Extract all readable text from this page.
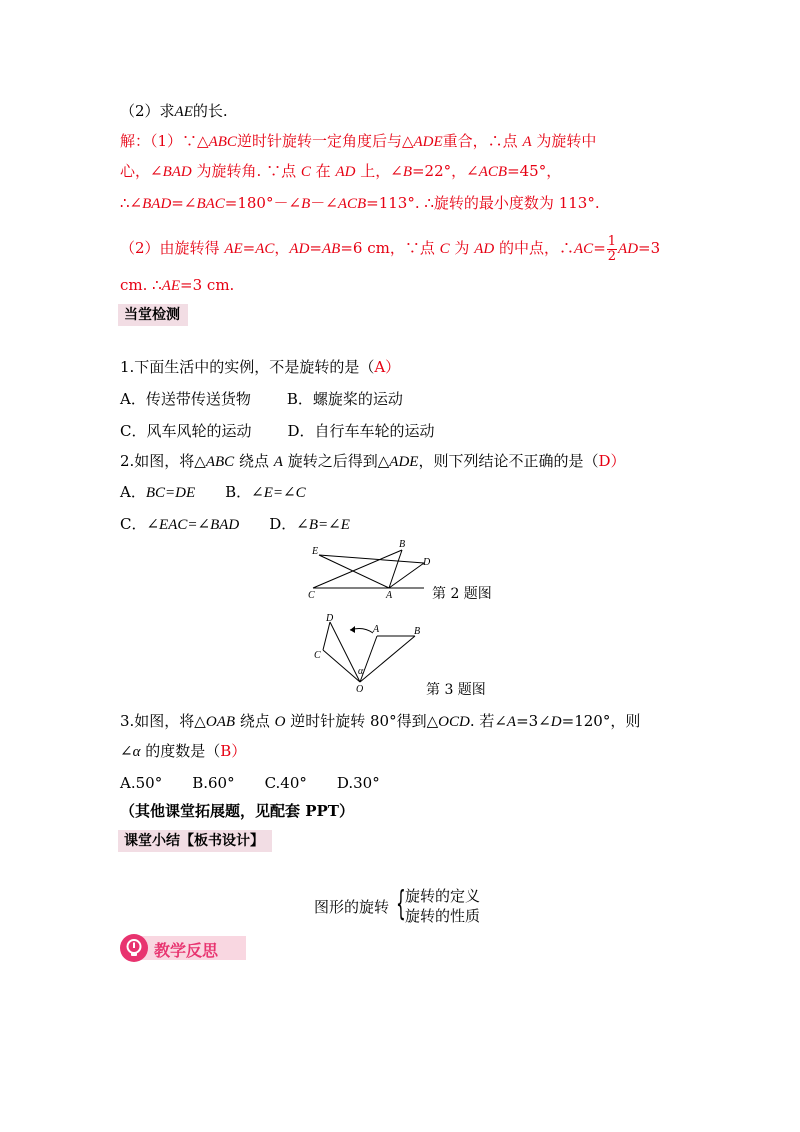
（2）求AE的长.
解：（1）∵△ABC逆时针旋转一定角度后与△ADE重合，∴点 A 为旋转中
心，∠BAD 为旋转角. ∵点 C 在 AD 上，∠B=22°，∠ACB=45°，
∴∠BAD=∠BAC=180°－∠B－∠ACB=113°. ∴旋转的最小度数为 113°.
（2）由旋转得 AE=AC，AD=AB=6 cm，∵点 C 为 AD 的中点，∴AC= $\frac{1}{2} AD=3$
cm. ∴AE=3 cm.
当堂检测
1.下面生活中的实例，不是旋转的是（A）
A．传送带传送货物 B．螺旋桨的运动
C．风车风轮的运动 D．自行车车轮的运动
2.如图，将△ABC 绕点 A 旋转之后得到△ADE，则下列结论不正确的是（D）
A．BC=DE B．∠E=∠C
C．∠EAC=∠BAD D．∠B=∠E
E
B
D
C	A	第 2 题图
D
A	B
C
O
α
第 3 题图
3.如图，将△OAB 绕点 O 逆时针旋转 80°得到△OCD. 若∠A=3∠D=120°，则
∠α 的度数是（B）
A.50°　　B.60°　　C.40°　　D.30°
（其他课堂拓展题，见配套 PPT）
课堂小结【板书设计】
图形的旋转 { 旋转的定义
旋转的性质
教学反思
